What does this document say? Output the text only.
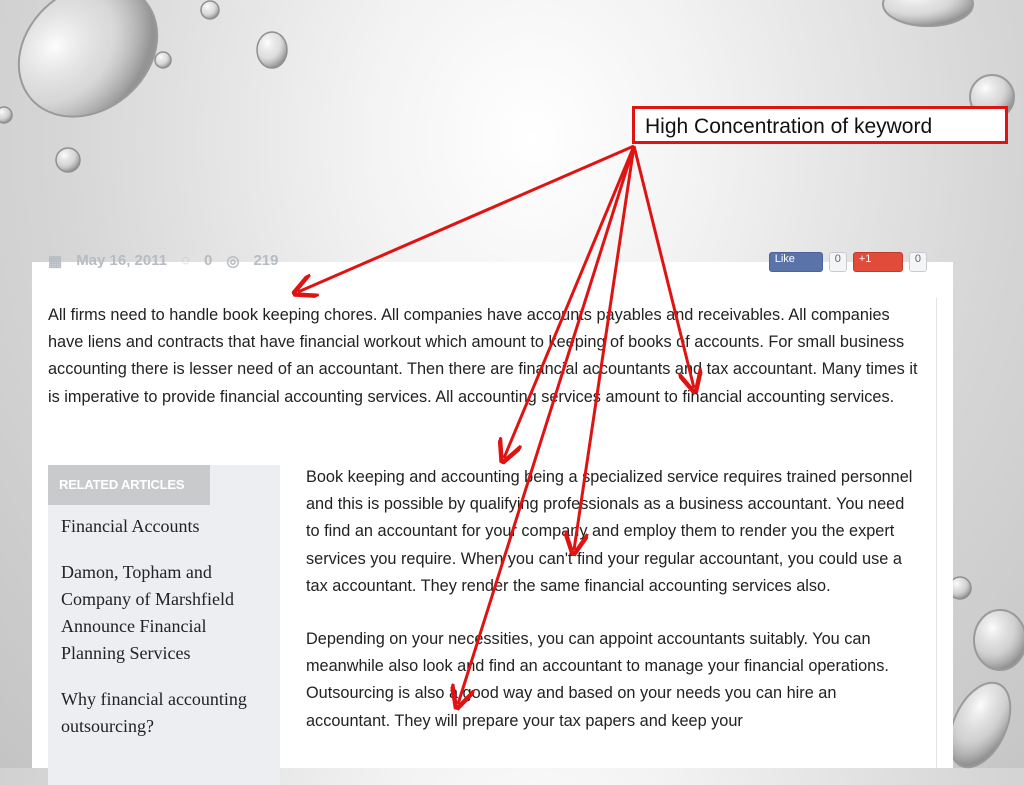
High Concentration of keyword
▦ May 16, 2011 ◌ 0 ◎ 219	Like	0	+1	0
All firms need to handle book keeping chores. All companies have accounts payables and receivables. All companies have liens and contracts that have financial workout which amount to keeping of books of accounts. For small business accounting there is lesser need of an accountant. Then there are financial accountants and tax accountant. Many times it is imperative to provide financial accounting services. All accounting services amount to financial accounting services.
RELATED ARTICLES
Financial Accounts
Damon, Topham and Company of Marshfield Announce Financial Planning Services
Why financial accounting outsourcing?

Book keeping and accounting being a specialized service requires trained personnel and this is possible by qualifying professionals as a business accountant. You need to find an accountant for your company and employ them to render you the expert services you require. When you can't find your regular accountant, you could use a tax accountant. They render the same financial accounting services also.

Depending on your necessities, you can appoint accountants suitably. You can meanwhile also look and find an accountant to manage your financial operations. Outsourcing is also a good way and based on your needs you can hire an accountant. They will prepare your tax papers and keep your
